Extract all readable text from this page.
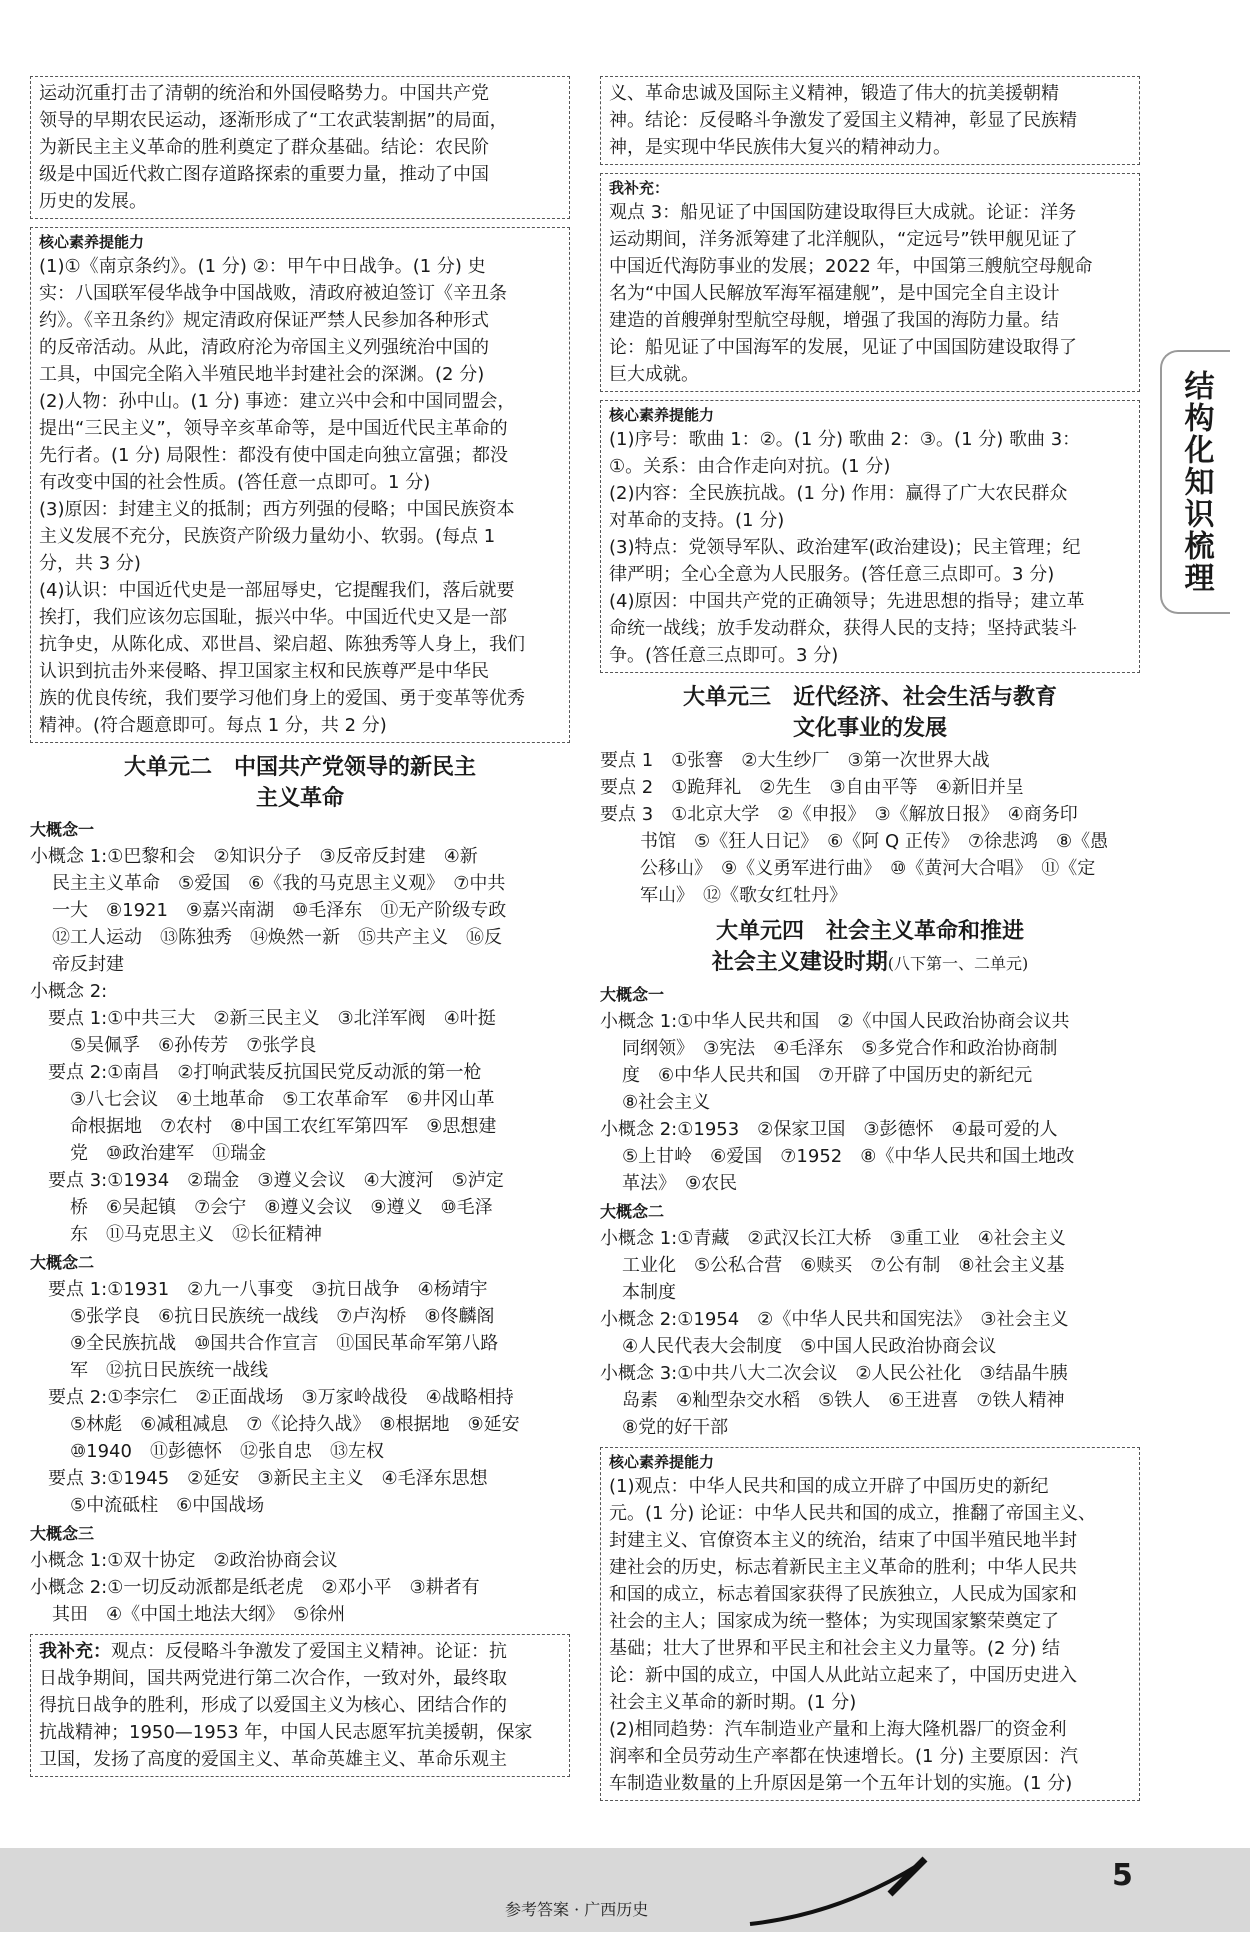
运动沉重打击了清朝的统治和外国侵略势力。中国共产党

领导的早期农民运动，逐渐形成了“工农武装割据”的局面，

为新民主主义革命的胜利奠定了群众基础。结论：农民阶

级是中国近代救亡图存道路探索的重要力量，推动了中国

历史的发展。

核心素养提能力

(1)①《南京条约》。(1 分) ②：甲午中日战争。(1 分) 史

实：八国联军侵华战争中国战败，清政府被迫签订《辛丑条

约》。《辛丑条约》规定清政府保证严禁人民参加各种形式

的反帝活动。从此，清政府沦为帝国主义列强统治中国的

工具，中国完全陷入半殖民地半封建社会的深渊。(2 分)

(2)人物：孙中山。(1 分) 事迹：建立兴中会和中国同盟会，

提出“三民主义”，领导辛亥革命等，是中国近代民主革命的

先行者。(1 分) 局限性：都没有使中国走向独立富强；都没

有改变中国的社会性质。(答任意一点即可。1 分)

(3)原因：封建主义的抵制；西方列强的侵略；中国民族资本

主义发展不充分，民族资产阶级力量幼小、软弱。(每点 1

分，共 3 分)

(4)认识：中国近代史是一部屈辱史，它提醒我们，落后就要

挨打，我们应该勿忘国耻，振兴中华。中国近代史又是一部

抗争史，从陈化成、邓世昌、梁启超、陈独秀等人身上，我们

认识到抗击外来侵略、捍卫国家主权和民族尊严是中华民

族的优良传统，我们要学习他们身上的爱国、勇于变革等优秀

精神。(符合题意即可。每点 1 分，共 2 分)

大单元二　中国共产党领导的新民主
主义革命

大概念一

小概念 1:①巴黎和会　②知识分子　③反帝反封建　④新

民主主义革命　⑤爱国　⑥《我的马克思主义观》　⑦中共

一大　⑧1921　⑨嘉兴南湖　⑩毛泽东　⑪无产阶级专政

⑫工人运动　⑬陈独秀　⑭焕然一新　⑮共产主义　⑯反

帝反封建

小概念 2:

　要点 1:①中共三大　②新三民主义　③北洋军阀　④叶挺

　⑤吴佩孚　⑥孙传芳　⑦张学良

　要点 2:①南昌　②打响武装反抗国民党反动派的第一枪

　③八七会议　④土地革命　⑤工农革命军　⑥井冈山革

　命根据地　⑦农村　⑧中国工农红军第四军　⑨思想建

　党　⑩政治建军　⑪瑞金

　要点 3:①1934　②瑞金　③遵义会议　④大渡河　⑤泸定

　桥　⑥吴起镇　⑦会宁　⑧遵义会议　⑨遵义　⑩毛泽

　东　⑪马克思主义　⑫长征精神

大概念二

　要点 1:①1931　②九一八事变　③抗日战争　④杨靖宇

　⑤张学良　⑥抗日民族统一战线　⑦卢沟桥　⑧佟麟阁

　⑨全民族抗战　⑩国共合作宣言　⑪国民革命军第八路

　军　⑫抗日民族统一战线

　要点 2:①李宗仁　②正面战场　③万家岭战役　④战略相持

　⑤林彪　⑥减租减息　⑦《论持久战》　⑧根据地　⑨延安

　⑩1940　⑪彭德怀　⑫张自忠　⑬左权

　要点 3:①1945　②延安　③新民主主义　④毛泽东思想

　⑤中流砥柱　⑥中国战场

大概念三

小概念 1:①双十协定　②政治协商会议

小概念 2:①一切反动派都是纸老虎　②邓小平　③耕者有

其田　④《中国土地法大纲》　⑤徐州

我补充：观点：反侵略斗争激发了爱国主义精神。论证：抗

日战争期间，国共两党进行第二次合作，一致对外，最终取

得抗日战争的胜利，形成了以爱国主义为核心、团结合作的

抗战精神；1950—1953 年，中国人民志愿军抗美援朝，保家

卫国，发扬了高度的爱国主义、革命英雄主义、革命乐观主

义、革命忠诚及国际主义精神，锻造了伟大的抗美援朝精

神。结论：反侵略斗争激发了爱国主义精神，彰显了民族精

神，是实现中华民族伟大复兴的精神动力。

我补充：

观点 3：船见证了中国国防建设取得巨大成就。论证：洋务

运动期间，洋务派筹建了北洋舰队，“定远号”铁甲舰见证了

中国近代海防事业的发展；2022 年，中国第三艘航空母舰命

名为“中国人民解放军海军福建舰”，是中国完全自主设计

建造的首艘弹射型航空母舰，增强了我国的海防力量。结

论：船见证了中国海军的发展，见证了中国国防建设取得了

巨大成就。

核心素养提能力

(1)序号：歌曲 1：②。(1 分) 歌曲 2：③。(1 分) 歌曲 3：

①。关系：由合作走向对抗。(1 分)

(2)内容：全民族抗战。(1 分) 作用：赢得了广大农民群众

对革命的支持。(1 分)

(3)特点：党领导军队、政治建军(政治建设)；民主管理；纪

律严明；全心全意为人民服务。(答任意三点即可。3 分)

(4)原因：中国共产党的正确领导；先进思想的指导；建立革

命统一战线；放手发动群众，获得人民的支持；坚持武装斗

争。(答任意三点即可。3 分)

大单元三　近代经济、社会生活与教育
文化事业的发展

要点 1　①张謇　②大生纱厂　③第一次世界大战

要点 2　①跪拜礼　②先生　③自由平等　④新旧并呈

要点 3　①北京大学　②《申报》　③《解放日报》　④商务印

　书馆　⑤《狂人日记》　⑥《阿 Q 正传》　⑦徐悲鸿　⑧《愚

　公移山》　⑨《义勇军进行曲》　⑩《黄河大合唱》　⑪《定

　军山》　⑫《歌女红牡丹》

大单元四　社会主义革命和推进
社会主义建设时期(八下第一、二单元)

大概念一

小概念 1:①中华人民共和国　②《中国人民政治协商会议共

同纲领》　③宪法　④毛泽东　⑤多党合作和政治协商制

度　⑥中华人民共和国　⑦开辟了中国历史的新纪元

⑧社会主义

小概念 2:①1953　②保家卫国　③彭德怀　④最可爱的人

⑤上甘岭　⑥爱国　⑦1952　⑧《中华人民共和国土地改

革法》　⑨农民

大概念二

小概念 1:①青藏　②武汉长江大桥　③重工业　④社会主义

工业化　⑤公私合营　⑥赎买　⑦公有制　⑧社会主义基

本制度

小概念 2:①1954　②《中华人民共和国宪法》　③社会主义

④人民代表大会制度　⑤中国人民政治协商会议

小概念 3:①中共八大二次会议　②人民公社化　③结晶牛胰

岛素　④籼型杂交水稻　⑤铁人　⑥王进喜　⑦铁人精神

⑧党的好干部

核心素养提能力

(1)观点：中华人民共和国的成立开辟了中国历史的新纪

元。(1 分) 论证：中华人民共和国的成立，推翻了帝国主义、

封建主义、官僚资本主义的统治，结束了中国半殖民地半封

建社会的历史，标志着新民主主义革命的胜利；中华人民共

和国的成立，标志着国家获得了民族独立，人民成为国家和

社会的主人；国家成为统一整体；为实现国家繁荣奠定了

基础；壮大了世界和平民主和社会主义力量等。(2 分) 结

论：新中国的成立，中国人从此站立起来了，中国历史进入

社会主义革命的新时期。(1 分)

(2)相同趋势：汽车制造业产量和上海大隆机器厂的资金利

润率和全员劳动生产率都在快速增长。(1 分) 主要原因：汽

车制造业数量的上升原因是第一个五年计划的实施。(1 分)

结构化知识梳理
参考答案 · 广西历史
5
